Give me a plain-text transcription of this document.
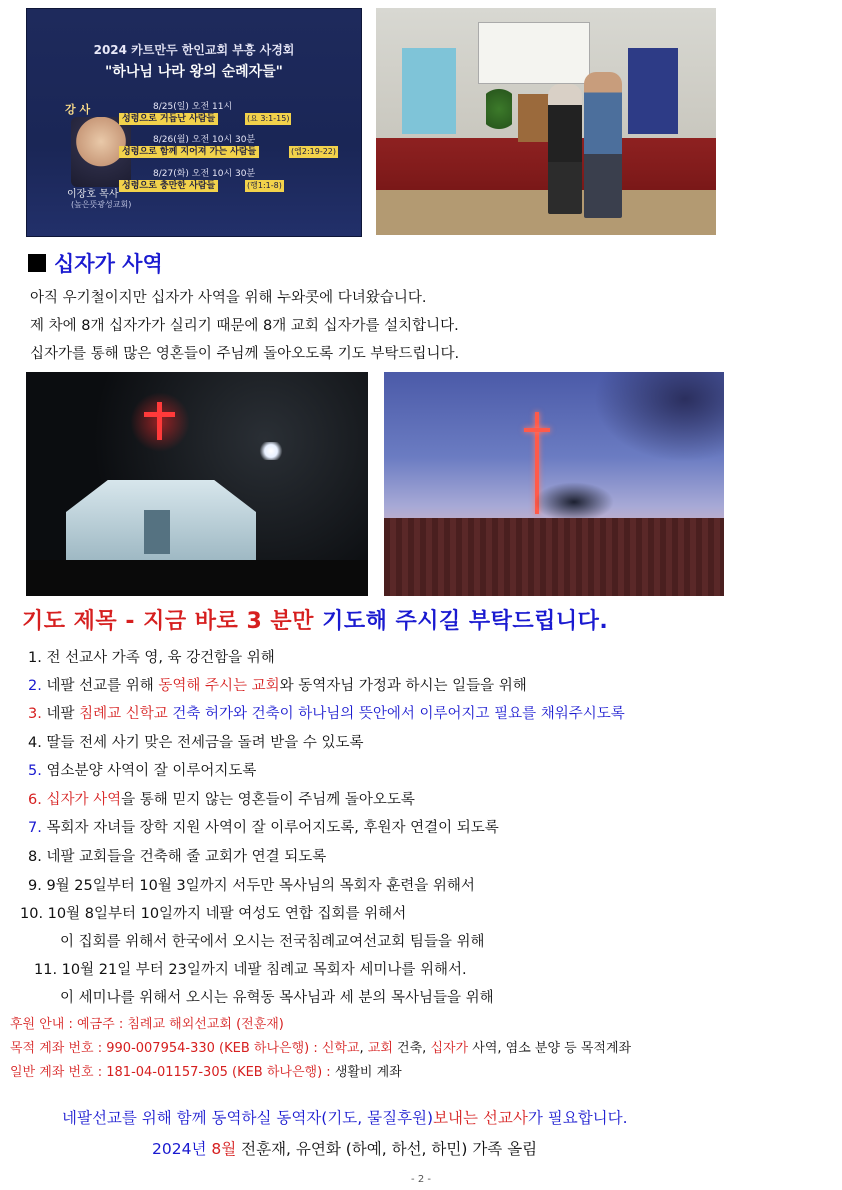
2024 카트만두 한인교회 부흥 사경회
"하나님 나라 왕의 순례자들"
강 사
이장호 목사
(높은뜻광성교회)
8/25(일) 오전 11시
성령으로 거듭난 사람들	(요 3:1-15)
8/26(월) 오전 10시 30분
성령으로 함께 지어져 가는 사람들	(엡2:19-22)
8/27(화) 오전 10시 30분
성령으로 충만한 사람들	(행1:1-8)
십자가 사역
아직 우기철이지만 십자가 사역을 위해 누와콧에 다녀왔습니다.
제 차에 8개 십자가가 실리기 때문에 8개 교회 십자가를 설치합니다.
십자가를 통해 많은 영혼들이 주님께 돌아오도록 기도 부탁드립니다.
기도 제목 - 지금 바로 3 분만 기도해 주시길 부탁드립니다.
1. 전 선교사 가족 영, 육 강건함을 위해
2. 네팔 선교를 위해 동역해 주시는 교회와 동역자님 가정과 하시는 일들을 위해
3. 네팔 침례교 신학교 건축 허가와 건축이 하나님의 뜻안에서 이루어지고 필요를 채워주시도록
4. 딸들 전세 사기 맞은 전세금을 돌려 받을 수 있도록
5. 염소분양 사역이 잘 이루어지도록
6. 십자가 사역을 통해 믿지 않는 영혼들이 주님께 돌아오도록
7. 목회자 자녀들 장학 지원 사역이 잘 이루어지도록, 후원자 연결이 되도록
8. 네팔 교회들을 건축해 줄 교회가 연결 되도록
9. 9월 25일부터 10월 3일까지 서두만 목사님의 목회자 훈련을 위해서
10. 10월 8일부터 10일까지 네팔 여성도 연합 집회를 위해서
이 집회를 위해서 한국에서 오시는 전국침례교여선교회 팀들을 위해
11. 10월 21일 부터 23일까지 네팔 침례교 목회자 세미나를 위해서.
이 세미나를 위해서 오시는 유혁동 목사님과 세 분의 목사님들을 위해
후원 안내 : 예금주 : 침례교 해외선교회 (전훈재)
목적 계좌 번호 : 990-007954-330 (KEB 하나은행) : 신학교, 교회 건축, 십자가 사역, 염소 분양 등 목적계좌
일반 계좌 번호 : 181-04-01157-305 (KEB 하나은행) : 생활비 계좌
네팔선교를 위해 함께 동역하실 동역자(기도, 물질후원)보내는 선교사가 필요합니다.
2024년 8월 전훈재, 유연화 (하예, 하선, 하민) 가족 올림
- 2 -
